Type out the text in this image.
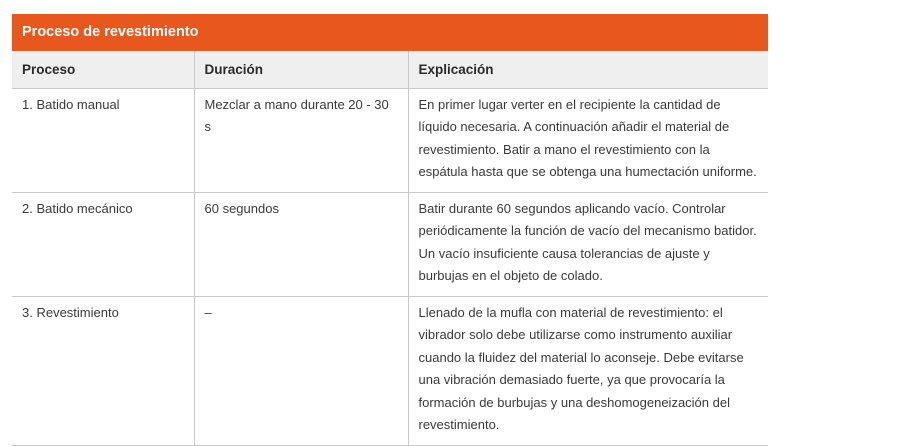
Proceso de revestimiento
Proceso	Duración	Explicación
1. Batido manual	Mezclar a mano durante 20 - 30 s	En primer lugar verter en el recipiente la cantidad de líquido necesaria. A continuación añadir el material de revestimiento. Batir a mano el revestimiento con la espátula hasta que se obtenga una humectación uniforme.
2. Batido mecánico	60 segundos	Batir durante 60 segundos aplicando vacío. Controlar periódicamente la función de vacío del mecanismo batidor. Un vacío insuficiente causa tolerancias de ajuste y burbujas en el objeto de colado.
3. Revestimiento	–	Llenado de la mufla con material de revestimiento: el vibrador solo debe utilizarse como instrumento auxiliar cuando la fluidez del material lo aconseje. Debe evitarse una vibración demasiado fuerte, ya que provocaría la formación de burbujas y una deshomogeneización del revestimiento.
